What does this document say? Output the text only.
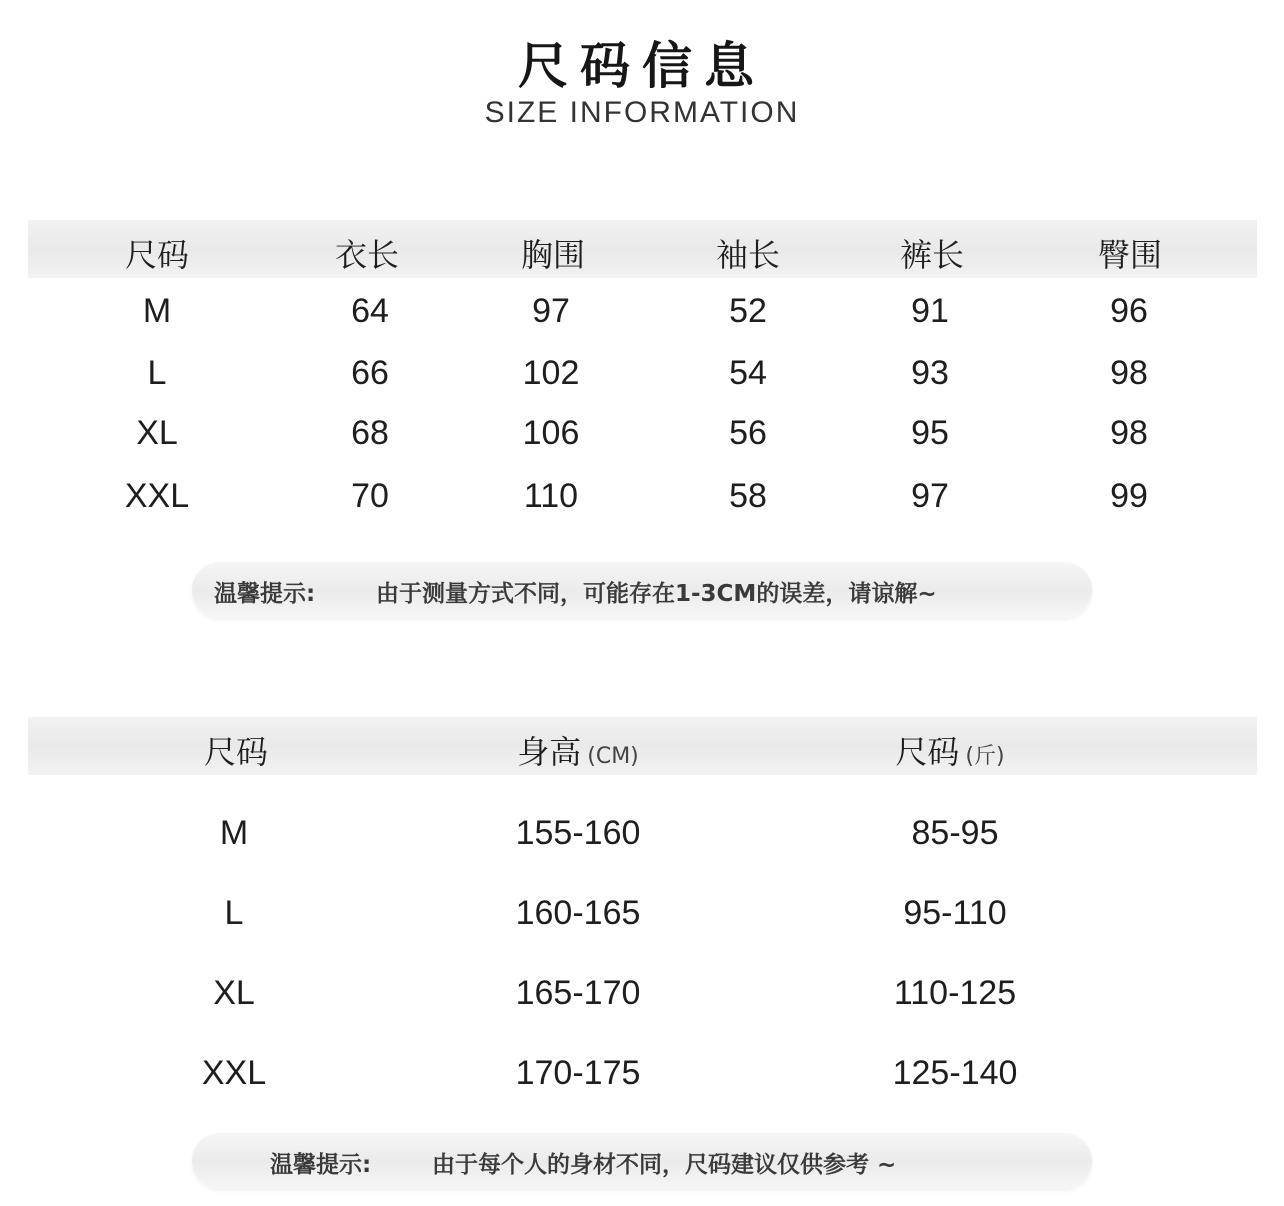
尺码信息
SIZE INFORMATION
尺码	衣长	胸围	袖长	裤长	臀围
M	64	97	52	91	96
L	66	102	54	93	98
XL	68	106	56	95	98
XXL	70	110	58	97	99
温馨提示:	由于测量方式不同，可能存在1-3CM的误差，请谅解~
尺码	身高 (CM)	尺码 (斤)
M	155-160	85-95
L	160-165	95-110
XL	165-170	110-125
XXL	170-175	125-140
温馨提示:	由于每个人的身材不同，尺码建议仅供参考 ~
